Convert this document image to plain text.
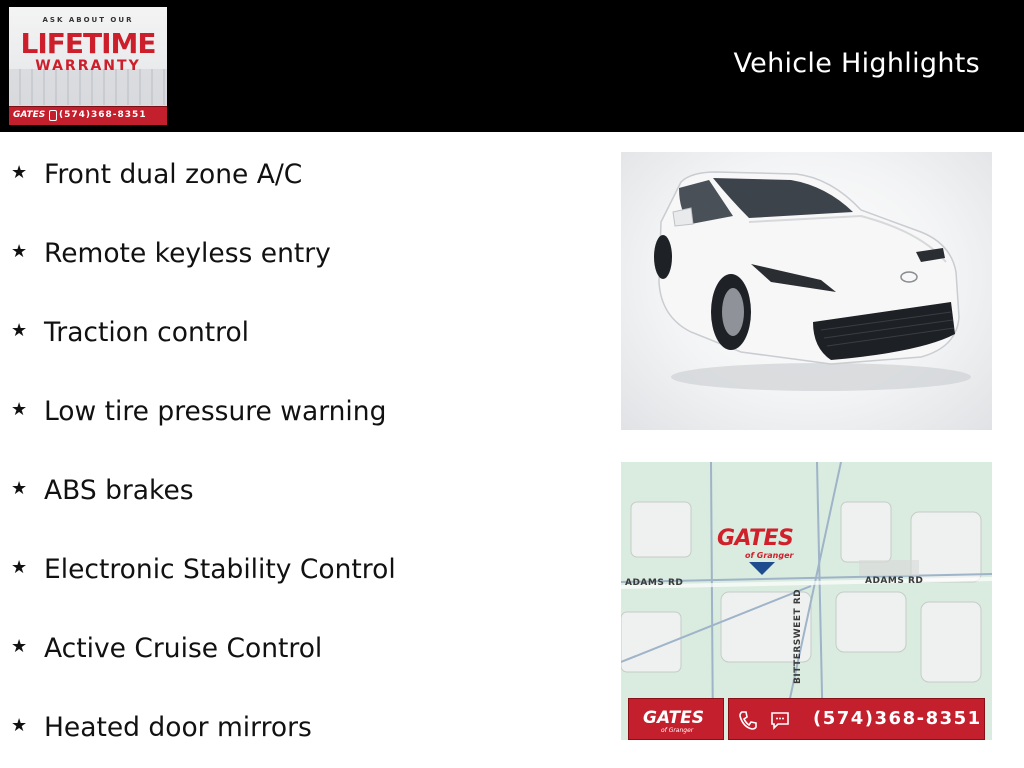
ASK ABOUT OUR
LIFETIME
WARRANTY
GATES (574)368-8351
Vehicle Highlights
★ Front dual zone A/C
★ Remote keyless entry
★ Traction control
★ Low tire pressure warning
★ ABS brakes
★ Electronic Stability Control
★ Active Cruise Control
★ Heated door mirrors
GATES
of Granger
ADAMS RD	ADAMS RD
BITTERSWEET RD
GATES
of Granger
(574)368-8351
